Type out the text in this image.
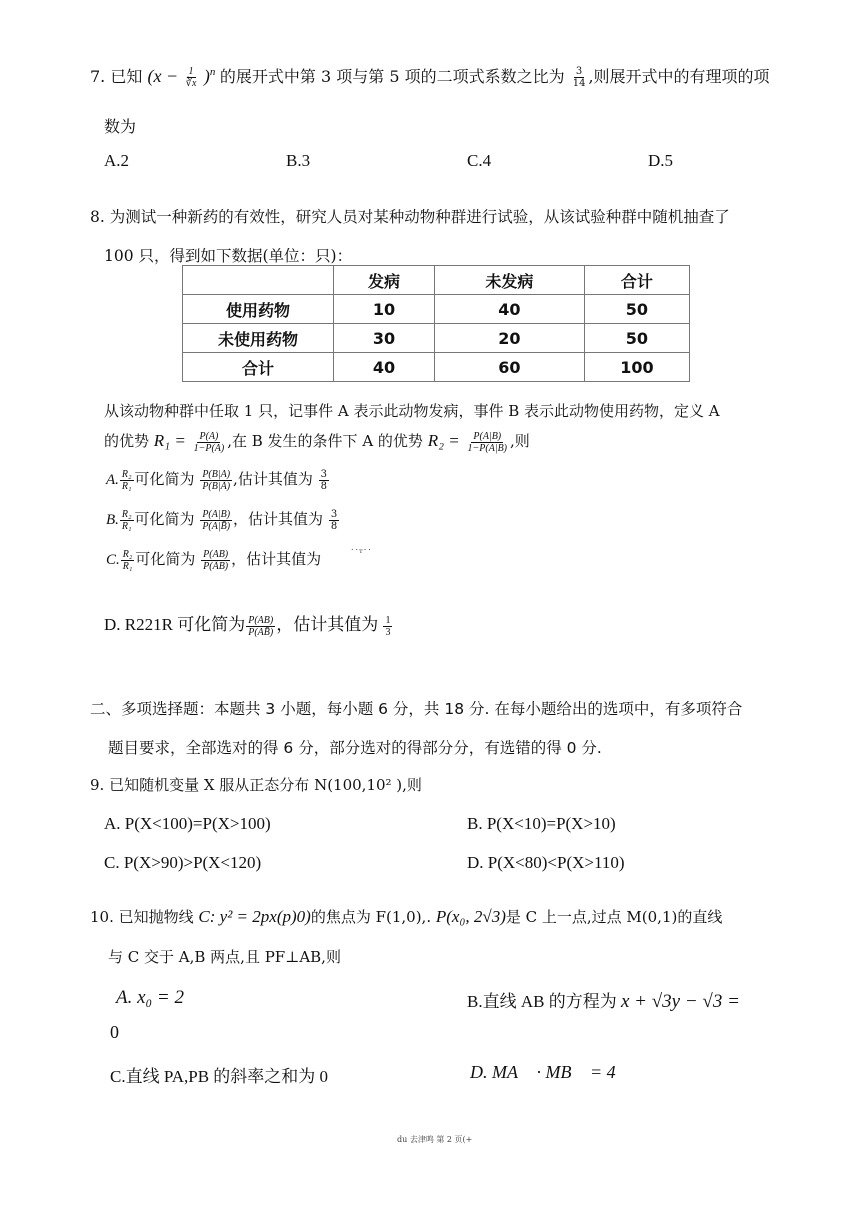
7. 已知 $(x - \frac{1}{∛x} )^n$ 的展开式中第 3 项与第 5 项的二项式系数之比为 $\frac{3}{14}$ ,则展开式中的有理项的项
数为
A.2	B.3	C.4	D.5
8. 为测试一种新药的有效性，研究人员对某种动物种群进行试验，从该试验种群中随机抽查了
100 只，得到如下数据(单位：只)：
	发病	未发病	合计
使用药物	10	40	50
未使用药物	30	20	50
合计	40	60	100
从该动物种群中任取 1 只，记事件 A 表示此动物发病，事件 B 表示此动物使用药物，定义 A
的优势 $R_1 = \frac{P(A)}{1-P(A)}$ ,在 B 发生的条件下 A 的优势 $R_2 = \frac{P(A|B)}{1-P(A|B)}$ ,则
A. $\frac{\text{R₂}}{\text{R₁}}$ 可化简为 $\frac{P(B|A)}{P(B|Ā)}$ ,估计其值为 $\frac{3}{8}$
B. $\frac{\text{R₂}}{\text{R₁}}$ 可化简为 $\frac{P(A|B)}{P(A|B̄)}$ ，估计其值为 $\frac{3}{8}$
C. $\frac{\text{R₂}}{\text{R₁}}$ 可化简为 $\frac{P(AB)}{P(ĀB)}$ ，估计其值为	$^{˙˙ᵀ˙˙}$
D. R221R 可化简为 $\frac{P(AB)}{P(AB̄)}$ ，估计其值为 $\frac{1}{3}$
二、多项选择题：本题共 3 小题，每小题 6 分，共 18 分. 在每小题给出的选项中，有多项符合
题目要求，全部选对的得 6 分，部分选对的得部分分，有选错的得 0 分.
9. 已知随机变量 X 服从正态分布 N(100,10² ),则
A. P(X<100)=P(X>100)	B. P(X<10)=P(X>10)
C. P(X>90)>P(X<120)	D. P(X<80)<P(X>110)
10. 已知抛物线 C: y² = 2px(p)0)的焦点为 F(1,0),. P(x₀, 2√3)是 C 上一点,过点 M(0,1)的直线
与 C 交于 A,B 两点,且 PF⊥AB,则
A. x₀ = 2	B.直线 AB 的方程为 x + √3y − √3 =
0
C.直线 PA,PB 的斜率之和为 0	D. MA⃗ · MB⃗ = 4
du 去津鸣 第 2 页(+
